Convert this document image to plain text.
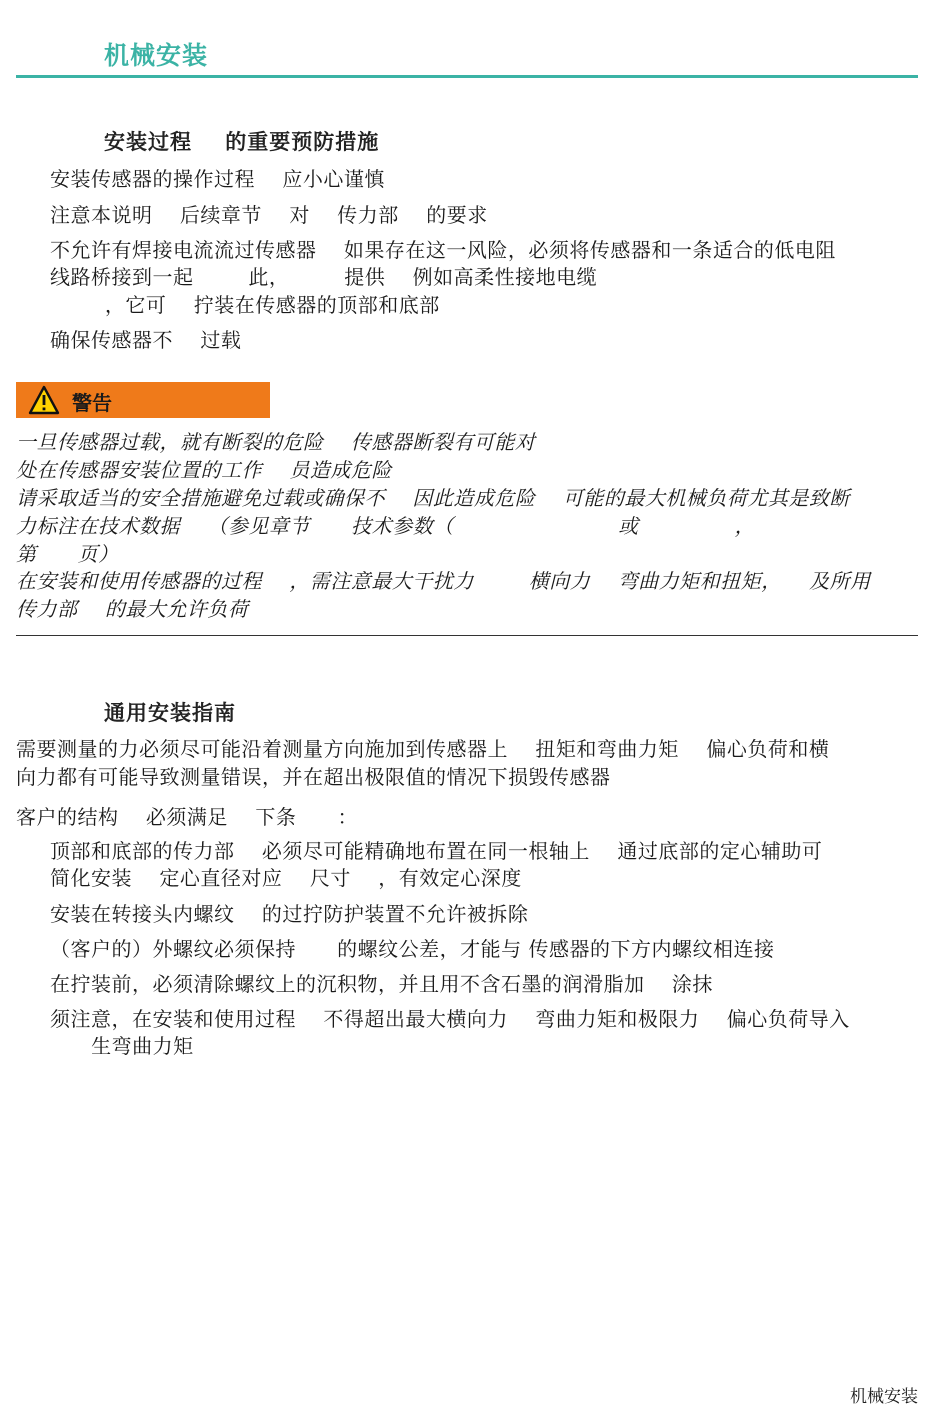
机械安装
安装过程    的重要预防措施
安装传感器的操作过程    应小心谨慎
注意本说明    后续章节    对    传力部    的要求
不允许有焊接电流流过传感器    如果存在这一风险，必须将传感器和一条适合的低电阻
线路桥接到一起        此，        提供    例如高柔性接地电缆
，它可    拧装在传感器的顶部和底部
确保传感器不    过载
警告
一旦传感器过载，就有断裂的危险    传感器断裂有可能对
处在传感器安装位置的工作    员造成危险
请采取适当的安全措施避免过载或确保不    因此造成危险    可能的最大机械负荷尤其是致断
力标注在技术数据    （参见章节      技术参数（                        或              ，
第      页）
在安装和使用传感器的过程    ，需注意最大干扰力        横向力    弯曲力矩和扭矩，    及所用
传力部    的最大允许负荷
通用安装指南
需要测量的力必须尽可能沿着测量方向施加到传感器上    扭矩和弯曲力矩    偏心负荷和横
向力都有可能导致测量错误，并在超出极限值的情况下损毁传感器
客户的结构    必须满足    下条      ：
顶部和底部的传力部    必须尽可能精确地布置在同一根轴上    通过底部的定心辅助可
简化安装    定心直径对应    尺寸    ，有效定心深度
安装在转接头内螺纹    的过拧防护装置不允许被拆除
（客户的）外螺纹必须保持      的螺纹公差，才能与 传感器的下方内螺纹相连接
在拧装前，必须清除螺纹上的沉积物，并且用不含石墨的润滑脂加    涂抹
须注意，在安装和使用过程    不得超出最大横向力    弯曲力矩和极限力    偏心负荷导入
生弯曲力矩
机械安装
